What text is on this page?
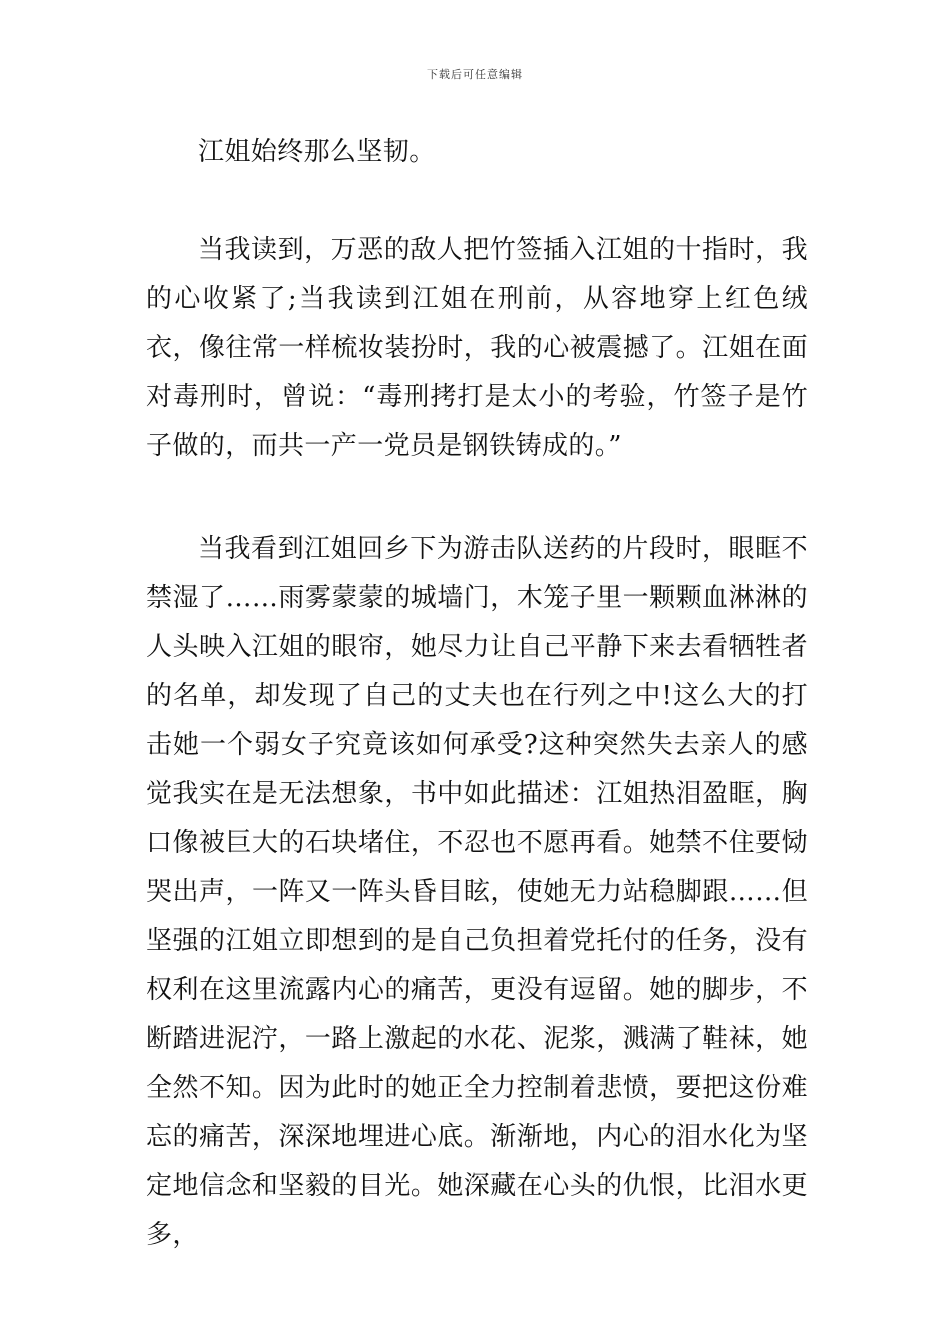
下载后可任意编辑

江姐始终那么坚韧。

当我读到，万恶的敌人把竹签插入江姐的十指时，我的心收紧了;当我读到江姐在刑前，从容地穿上红色绒衣，像往常一样梳妆装扮时，我的心被震撼了。江姐在面对毒刑时，曾说：“毒刑拷打是太小的考验，竹签子是竹子做的，而共一产一党员是钢铁铸成的。”

当我看到江姐回乡下为游击队送药的片段时，眼眶不禁湿了……雨雾蒙蒙的城墙门，木笼子里一颗颗血淋淋的人头映入江姐的眼帘，她尽力让自己平静下来去看牺牲者的名单，却发现了自己的丈夫也在行列之中!这么大的打击她一个弱女子究竟该如何承受?这种突然失去亲人的感觉我实在是无法想象，书中如此描述：江姐热泪盈眶，胸口像被巨大的石块堵住，不忍也不愿再看。她禁不住要恸哭出声，一阵又一阵头昏目眩，使她无力站稳脚跟……但坚强的江姐立即想到的是自己负担着党托付的任务，没有权利在这里流露内心的痛苦，更没有逗留。她的脚步，不断踏进泥泞，一路上激起的水花、泥浆，溅满了鞋袜，她全然不知。因为此时的她正全力控制着悲愤，要把这份难忘的痛苦，深深地埋进心底。渐渐地，内心的泪水化为坚定地信念和坚毅的目光。她深藏在心头的仇恨，比泪水更多，
